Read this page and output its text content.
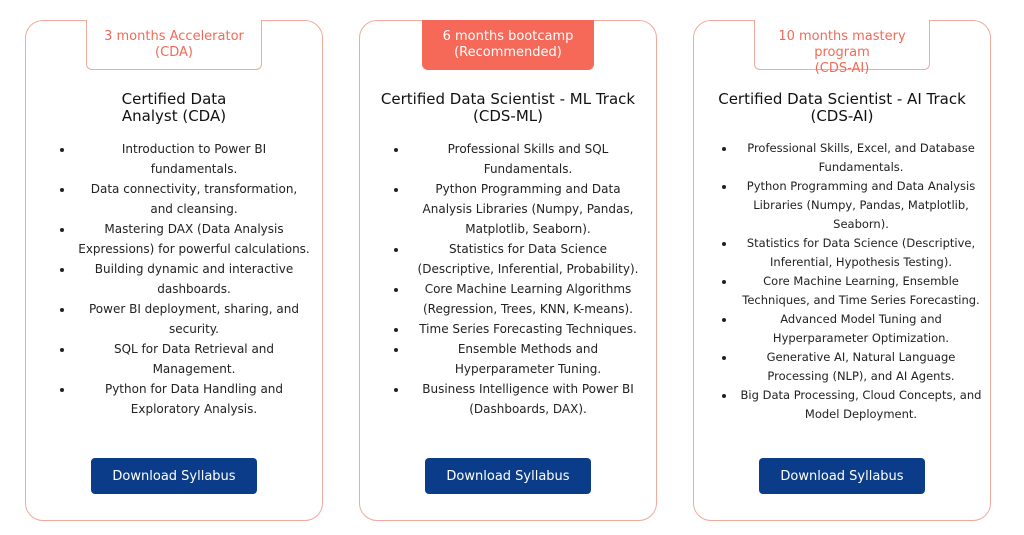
3 months Accelerator
(CDA)
Certified Data
Analyst (CDA)
• Introduction to Power BI fundamentals.
• Data connectivity, transformation, and cleansing.
• Mastering DAX (Data Analysis Expressions) for powerful calculations.
• Building dynamic and interactive dashboards.
• Power BI deployment, sharing, and security.
• SQL for Data Retrieval and Management.
• Python for Data Handling and Exploratory Analysis.
Download Syllabus
6 months bootcamp
(Recommended)
Certified Data Scientist - ML Track
(CDS-ML)
• Professional Skills and SQL Fundamentals.
• Python Programming and Data Analysis Libraries (Numpy, Pandas, Matplotlib, Seaborn).
• Statistics for Data Science (Descriptive, Inferential, Probability).
• Core Machine Learning Algorithms (Regression, Trees, KNN, K-means).
• Time Series Forecasting Techniques.
• Ensemble Methods and Hyperparameter Tuning.
• Business Intelligence with Power BI (Dashboards, DAX).
Download Syllabus
10 months mastery program
(CDS-AI)
Certified Data Scientist - AI Track
(CDS-AI)
• Professional Skills, Excel, and Database Fundamentals.
• Python Programming and Data Analysis Libraries (Numpy, Pandas, Matplotlib, Seaborn).
• Statistics for Data Science (Descriptive, Inferential, Hypothesis Testing).
• Core Machine Learning, Ensemble Techniques, and Time Series Forecasting.
• Advanced Model Tuning and Hyperparameter Optimization.
• Generative AI, Natural Language Processing (NLP), and AI Agents.
• Big Data Processing, Cloud Concepts, and Model Deployment.
Download Syllabus
